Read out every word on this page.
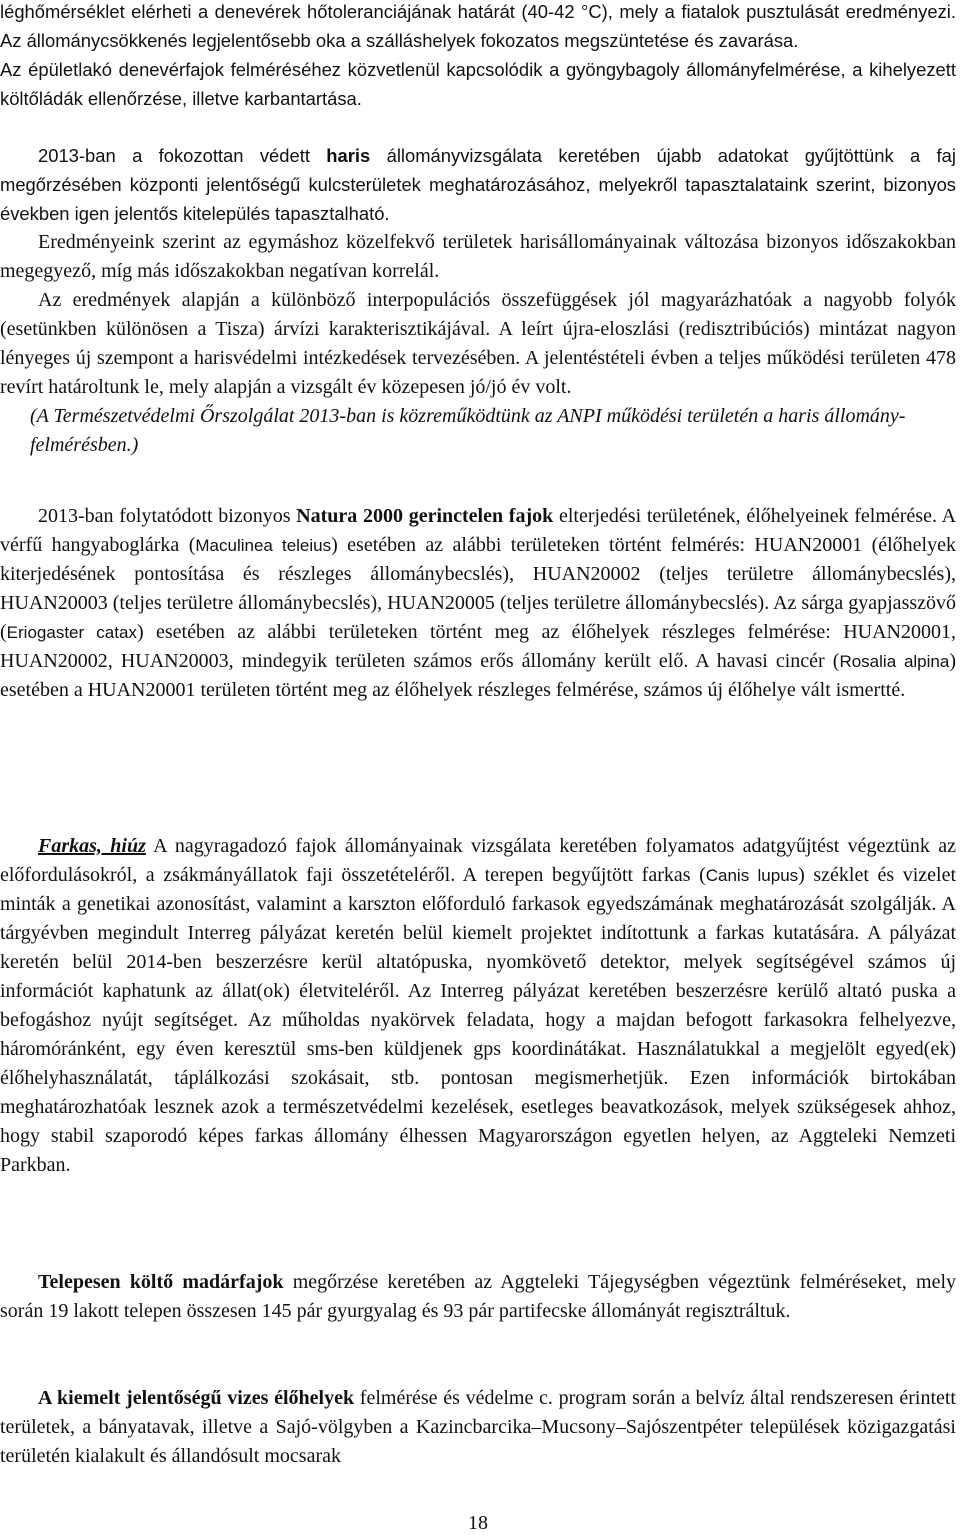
léghőmérséklet elérheti a denevérek hőtoleranciájának határát (40-42 °C), mely a fiatalok pusztulását eredményezi. Az állománycsökkenés legjelentősebb oka a szálláshelyek fokozatos megszüntetése és zavarása.

Az épületlakó denevérfajok felméréséhez közvetlenül kapcsolódik a gyöngybagoly állományfelmérése, a kihelyezett költőládák ellenőrzése, illetve karbantartása.

2013-ban a fokozottan védett haris állományvizsgálata keretében újabb adatokat gyűjtöttünk a faj megőrzésében központi jelentőségű kulcsterületek meghatározásához, melyekről tapasztalataink szerint, bizonyos években igen jelentős kitelepülés tapasztalható.

Eredményeink szerint az egymáshoz közelfekvő területek harisállományainak változása bizonyos időszakokban megegyező, míg más időszakokban negatívan korrelál.

Az eredmények alapján a különböző interpopulációs összefüggések jól magyarázhatóak a nagyobb folyók (esetünkben különösen a Tisza) árvízi karakterisztikájával. A leírt újra-eloszlási (redisztribúciós) mintázat nagyon lényeges új szempont a harisvédelmi intézkedések tervezésében. A jelentéstételi évben a teljes működési területen 478 revírt határoltunk le, mely alapján a vizsgált év közepesen jó/jó év volt.

(A Természetvédelmi Őrszolgálat 2013-ban is közreműködtünk az ANPI működési területén a haris állomány-felmérésben.)

2013-ban folytatódott bizonyos Natura 2000 gerinctelen fajok elterjedési területének, élőhelyeinek felmérése. A vérfű hangyaboglárka (Maculinea teleius) esetében az alábbi területeken történt felmérés: HUAN20001 (élőhelyek kiterjedésének pontosítása és részleges állománybecslés), HUAN20002 (teljes területre állománybecslés), HUAN20003 (teljes területre állománybecslés), HUAN20005 (teljes területre állománybecslés). Az sárga gyapjasszövő (Eriogaster catax) esetében az alábbi területeken történt meg az élőhelyek részleges felmérése: HUAN20001, HUAN20002, HUAN20003, mindegyik területen számos erős állomány került elő. A havasi cincér (Rosalia alpina) esetében a HUAN20001 területen történt meg az élőhelyek részleges felmérése, számos új élőhelye vált ismertté.

Farkas, hiúz A nagyragadozó fajok állományainak vizsgálata keretében folyamatos adatgyűjtést végeztünk az előfordulásokról, a zsákmányállatok faji összetételéről. A terepen begyűjtött farkas (Canis lupus) széklet és vizelet minták a genetikai azonosítást, valamint a karszton előforduló farkasok egyedszámának meghatározását szolgálják. A tárgyévben megindult Interreg pályázat keretén belül kiemelt projektet indítottunk a farkas kutatására. A pályázat keretén belül 2014-ben beszerzésre kerül altatópuska, nyomkövető detektor, melyek segítségével számos új információt kaphatunk az állat(ok) életviteléről. Az Interreg pályázat keretében beszerzésre kerülő altató puska a befogáshoz nyújt segítséget. Az műholdas nyakörvek feladata, hogy a majdan befogott farkasokra felhelyezve, háromóránként, egy éven keresztül sms-ben küldjenek gps koordinátákat. Használatukkal a megjelölt egyed(ek) élőhelyhasználatát, táplálkozási szokásait, stb. pontosan megismerhetjük. Ezen információk birtokában meghatározhatóak lesznek azok a természetvédelmi kezelések, esetleges beavatkozások, melyek szükségesek ahhoz, hogy stabil szaporodó képes farkas állomány élhessen Magyarországon egyetlen helyen, az Aggteleki Nemzeti Parkban.

Telepesen költő madárfajok megőrzése keretében az Aggteleki Tájegységben végeztünk felméréseket, mely során 19 lakott telepen összesen 145 pár gyurgyalag és 93 pár partifecske állományát regisztráltuk.

A kiemelt jelentőségű vizes élőhelyek felmérése és védelme c. program során a belvíz által rendszeresen érintett területek, a bányatavak, illetve a Sajó-völgyben a Kazincbarcika–Mucsony–Sajószentpéter települések közigazgatási területén kialakult és állandósult mocsarak

18
